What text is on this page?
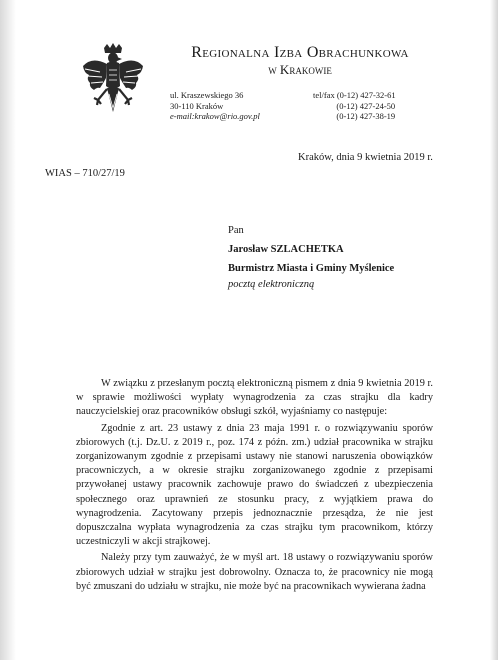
Regionalna Izba Obrachunkowa
w Krakowie
ul. Kraszewskiego 36
30-110 Kraków
e-mail:krakow@rio.gov.pl
tel/fax (0-12) 427-32-61
(0-12) 427-24-50
(0-12) 427-38-19
Kraków, dnia 9 kwietnia 2019 r.
WIAS – 710/27/19
Pan
Jarosław SZLACHETKA
Burmistrz Miasta i Gminy Myślenice
pocztą elektroniczną

W związku z przesłanym pocztą elektroniczną pismem z dnia 9 kwietnia 2019 r. w sprawie możliwości wypłaty wynagrodzenia za czas strajku dla kadry nauczycielskiej oraz pracowników obsługi szkół, wyjaśniamy co następuje:

Zgodnie z art. 23 ustawy z dnia 23 maja 1991 r. o rozwiązywaniu sporów zbiorowych (t.j. Dz.U. z 2019 r., poz. 174 z późn. zm.) udział pracownika w strajku zorganizowanym zgodnie z przepisami ustawy nie stanowi naruszenia obowiązków pracowniczych, a w okresie strajku zorganizowanego zgodnie z przepisami przywołanej ustawy pracownik zachowuje prawo do świadczeń z ubezpieczenia społecznego oraz uprawnień ze stosunku pracy, z wyjątkiem prawa do wynagrodzenia. Zacytowany przepis jednoznacznie przesądza, że nie jest dopuszczalna wypłata wynagrodzenia za czas strajku tym pracownikom, którzy uczestniczyli w akcji strajkowej.

Należy przy tym zauważyć, że w myśl art. 18 ustawy o rozwiązywaniu sporów zbiorowych udział w strajku jest dobrowolny. Oznacza to, że pracownicy nie mogą być zmuszani do udziału w strajku, nie może być na pracownikach wywierana żadna
